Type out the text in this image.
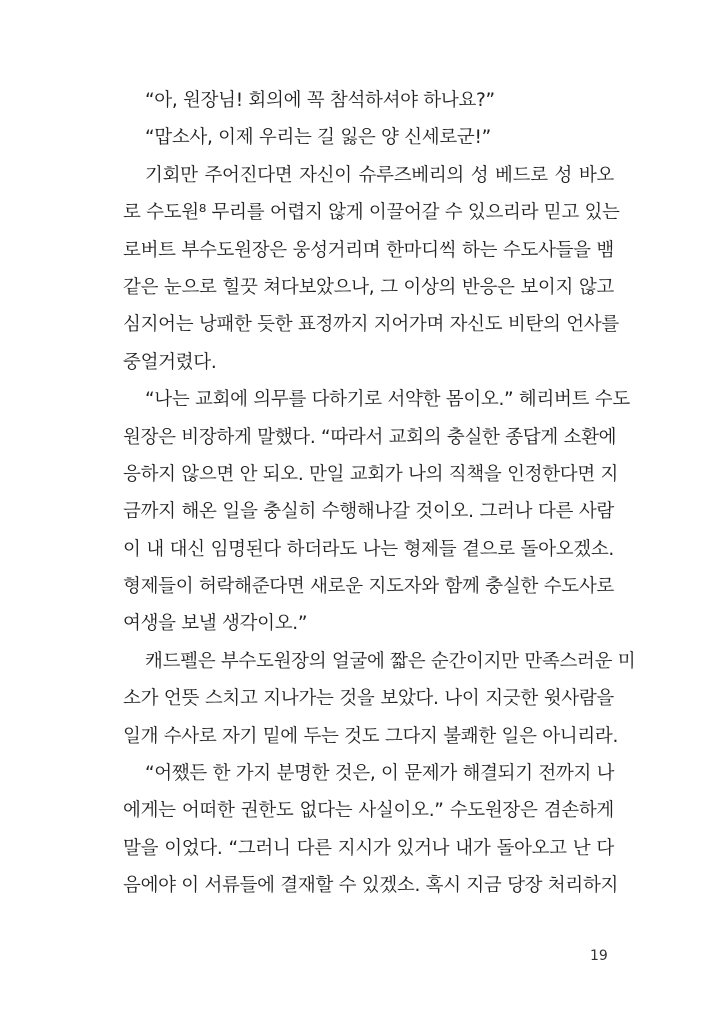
“아, 원장님! 회의에 꼭 참석하셔야 하나요?”
“맙소사, 이제 우리는 길 잃은 양 신세로군!”
기회만 주어진다면 자신이 슈루즈베리의 성 베드로 성 바오
로 수도원⁸ 무리를 어렵지 않게 이끌어갈 수 있으리라 믿고 있는
로버트 부수도원장은 웅성거리며 한마디씩 하는 수도사들을 뱀
같은 눈으로 힐끗 쳐다보았으나, 그 이상의 반응은 보이지 않고
심지어는 낭패한 듯한 표정까지 지어가며 자신도 비탄의 언사를
중얼거렸다.
“나는 교회에 의무를 다하기로 서약한 몸이오.” 헤리버트 수도
원장은 비장하게 말했다. “따라서 교회의 충실한 종답게 소환에
응하지 않으면 안 되오. 만일 교회가 나의 직책을 인정한다면 지
금까지 해온 일을 충실히 수행해나갈 것이오. 그러나 다른 사람
이 내 대신 임명된다 하더라도 나는 형제들 곁으로 돌아오겠소.
형제들이 허락해준다면 새로운 지도자와 함께 충실한 수도사로
여생을 보낼 생각이오.”
캐드펠은 부수도원장의 얼굴에 짧은 순간이지만 만족스러운 미
소가 언뜻 스치고 지나가는 것을 보았다. 나이 지긋한 윗사람을
일개 수사로 자기 밑에 두는 것도 그다지 불쾌한 일은 아니리라.
“어쨌든 한 가지 분명한 것은, 이 문제가 해결되기 전까지 나
에게는 어떠한 권한도 없다는 사실이오.” 수도원장은 겸손하게
말을 이었다. “그러니 다른 지시가 있거나 내가 돌아오고 난 다
음에야 이 서류들에 결재할 수 있겠소. 혹시 지금 당장 처리하지
19
